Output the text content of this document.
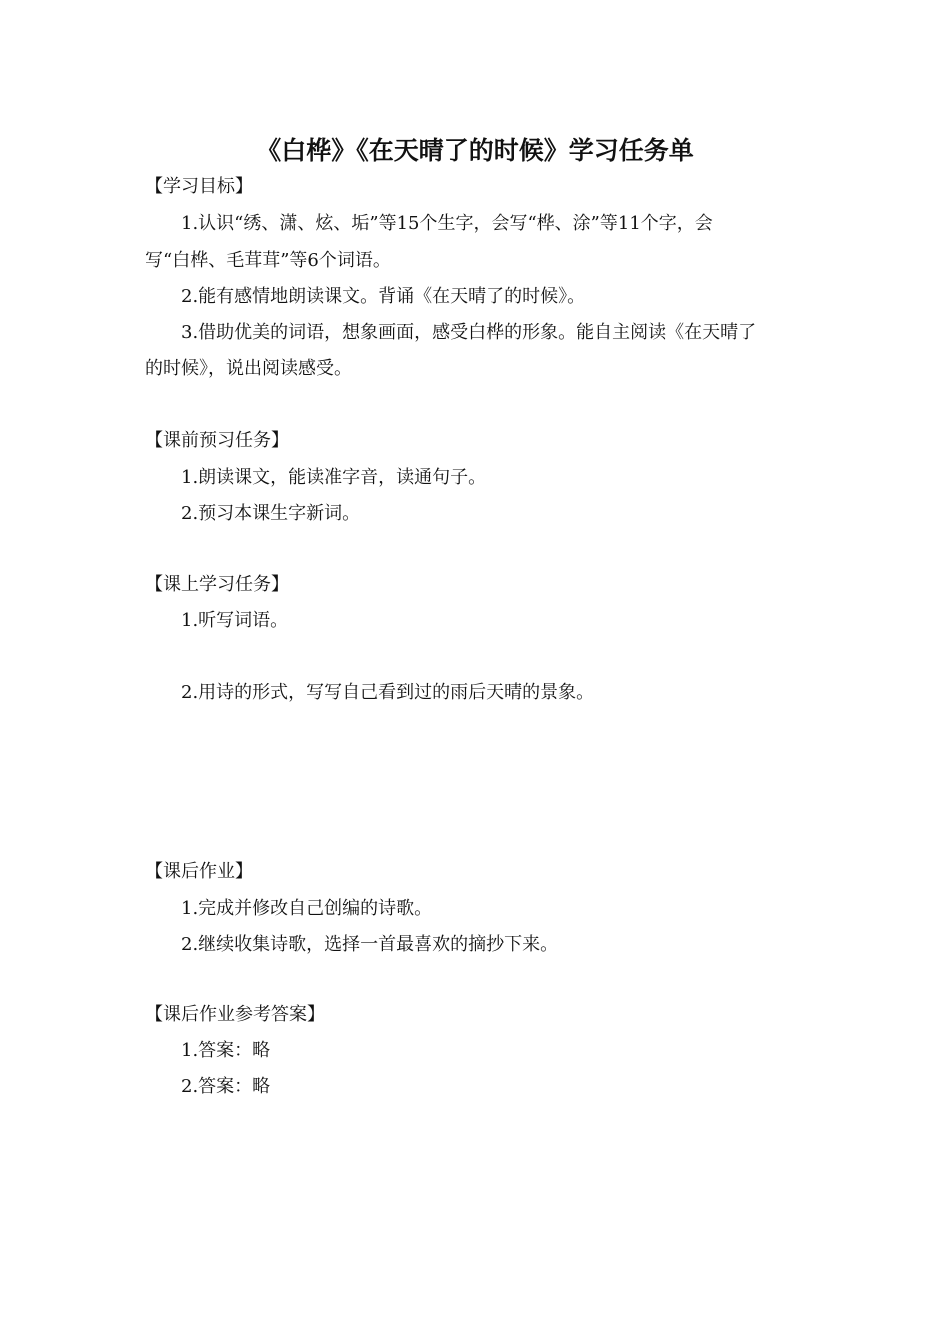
《白桦》《在天晴了的时候》学习任务单

【学习目标】

1.认识“绣、潇、炫、垢”等15个生字，会写“桦、涂”等11个字，会

写“白桦、毛茸茸”等6个词语。

2.能有感情地朗读课文。背诵《在天晴了的时候》。

3.借助优美的词语，想象画面，感受白桦的形象。能自主阅读《在天晴了

的时候》，说出阅读感受。

【课前预习任务】

1.朗读课文，能读准字音，读通句子。

2.预习本课生字新词。

【课上学习任务】

1.听写词语。

2.用诗的形式，写写自己看到过的雨后天晴的景象。

【课后作业】

1.完成并修改自己创编的诗歌。

2.继续收集诗歌，选择一首最喜欢的摘抄下来。

【课后作业参考答案】

1.答案：略

2.答案：略
